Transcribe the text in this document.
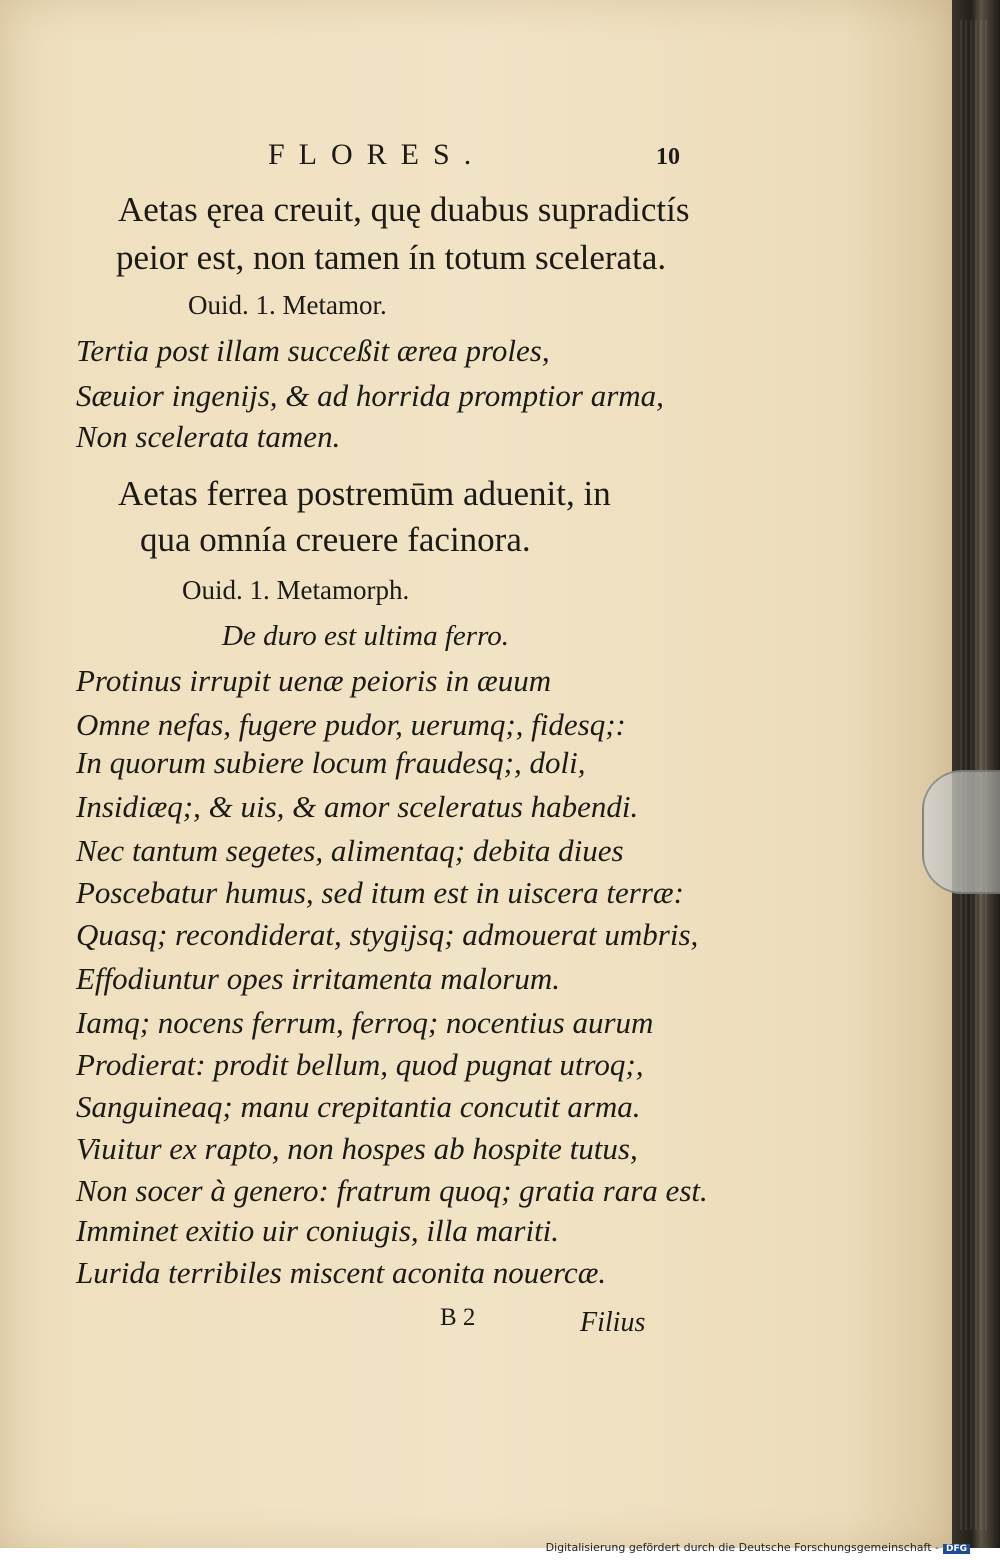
FLORES.	10
Aetas ęrea creuit, quę duabus supradictís
peior est, non tamen ín totum scelerata.
Ouid. 1. Metamor.
Tertia post illam succeßit ærea proles,
Sæuior ingenijs, & ad horrida promptior arma,
Non scelerata tamen.
Aetas ferrea postremūm aduenit, in
qua omnía creuere facinora.
Ouid. 1. Metamorph.
De duro est ultima ferro.
Protinus irrupit uenæ peioris in æuum
Omne nefas, fugere pudor, uerumq;, fidesq;:
In quorum subiere locum fraudesq;, doli,
Insidiæq;, & uis, & amor sceleratus habendi.
Nec tantum segetes, alimentaq; debita diues
Poscebatur humus, sed itum est in uiscera terræ:
Quasq; recondiderat, stygijsq; admouerat umbris,
Effodiuntur opes irritamenta malorum.
Iamq; nocens ferrum, ferroq; nocentius aurum
Prodierat: prodit bellum, quod pugnat utroq;,
Sanguineaq; manu crepitantia concutit arma.
Viuitur ex rapto, non hospes ab hospite tutus,
Non socer à genero: fratrum quoq; gratia rara est.
Imminet exitio uir coniugis, illa mariti.
Lurida terribiles miscent aconita nouercæ.
B 2	Filius
Digitalisierung gefördert durch die Deutsche Forschungsgemeinschaft - DFG
